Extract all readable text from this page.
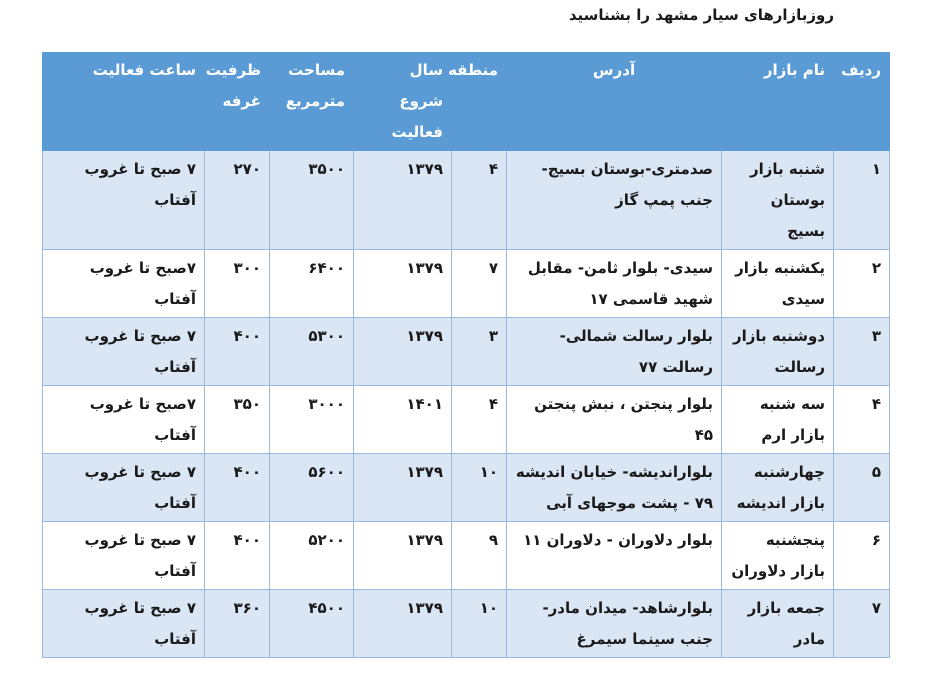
روزبازارهای سیار مشهد را بشناسید
ردیف	نام بازار	آدرس	منطقه	سال شروع فعالیت	مساحت مترمربع	ظرفیت غرفه	ساعت فعالیت
۱	شنبه بازار بوستان بسیج	صدمتری-بوستان بسیج- جنب پمپ گاز	۴	۱۳۷۹	۳۵۰۰	۲۷۰	۷ صبح تا غروب آفتاب
۲	یکشنبه بازار سیدی	سیدی- بلوار ثامن- مقابل شهید قاسمی ۱۷	۷	۱۳۷۹	۶۴۰۰	۳۰۰	۷صبح تا غروب آفتاب
۳	دوشنبه بازار رسالت	بلوار رسالت شمالی- رسالت ۷۷	۳	۱۳۷۹	۵۳۰۰	۴۰۰	۷ صبح تا غروب آفتاب
۴	سه شنبه بازار ارم	بلوار پنجتن ، نبش پنجتن ۴۵	۴	۱۴۰۱	۳۰۰۰	۳۵۰	۷صبح تا غروب آفتاب
۵	چهارشنبه بازار اندیشه	بلوار‌اندیشه- خیابان اندیشه ۷۹ - پشت موجهای آبی	۱۰	۱۳۷۹	۵۶۰۰	۴۰۰	۷ صبح تا غروب آفتاب
۶	پنجشنبه بازار دلاوران	بلوار دلاوران - دلاوران ۱۱	۹	۱۳۷۹	۵۲۰۰	۴۰۰	۷ صبح تا غروب آفتاب
۷	جمعه بازار مادر	بلوارشاهد- میدان مادر- جنب سینما سیمرغ	۱۰	۱۳۷۹	۴۵۰۰	۳۶۰	۷ صبح تا غروب آفتاب
